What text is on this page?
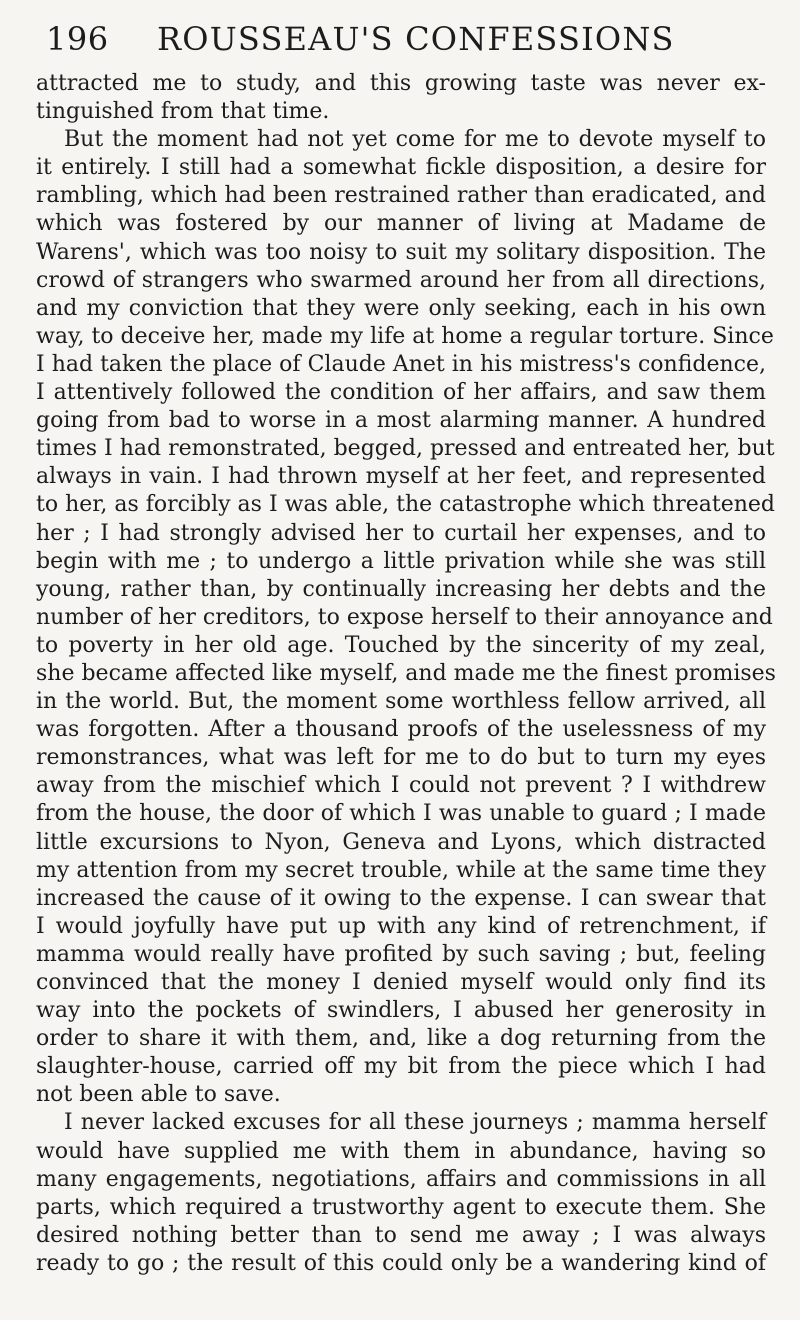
196 ROUSSEAU'S CONFESSIONS
attracted me to study, and this growing taste was never ex-
tinguished from that time.
But the moment had not yet come for me to devote myself to
it entirely. I still had a somewhat fickle disposition, a desire for
rambling, which had been restrained rather than eradicated, and
which was fostered by our manner of living at Madame de
Warens', which was too noisy to suit my solitary disposition. The
crowd of strangers who swarmed around her from all directions,
and my conviction that they were only seeking, each in his own
way, to deceive her, made my life at home a regular torture. Since
I had taken the place of Claude Anet in his mistress's confidence,
I attentively followed the condition of her affairs, and saw them
going from bad to worse in a most alarming manner. A hundred
times I had remonstrated, begged, pressed and entreated her, but
always in vain. I had thrown myself at her feet, and represented
to her, as forcibly as I was able, the catastrophe which threatened
her ; I had strongly advised her to curtail her expenses, and to
begin with me ; to undergo a little privation while she was still
young, rather than, by continually increasing her debts and the
number of her creditors, to expose herself to their annoyance and
to poverty in her old age. Touched by the sincerity of my zeal,
she became affected like myself, and made me the finest promises
in the world. But, the moment some worthless fellow arrived, all
was forgotten. After a thousand proofs of the uselessness of my
remonstrances, what was left for me to do but to turn my eyes
away from the mischief which I could not prevent ? I withdrew
from the house, the door of which I was unable to guard ; I made
little excursions to Nyon, Geneva and Lyons, which distracted
my attention from my secret trouble, while at the same time they
increased the cause of it owing to the expense. I can swear that
I would joyfully have put up with any kind of retrenchment, if
mamma would really have profited by such saving ; but, feeling
convinced that the money I denied myself would only find its
way into the pockets of swindlers, I abused her generosity in
order to share it with them, and, like a dog returning from the
slaughter-house, carried off my bit from the piece which I had
not been able to save.
I never lacked excuses for all these journeys ; mamma herself
would have supplied me with them in abundance, having so
many engagements, negotiations, affairs and commissions in all
parts, which required a trustworthy agent to execute them. She
desired nothing better than to send me away ; I was always
ready to go ; the result of this could only be a wandering kind of
